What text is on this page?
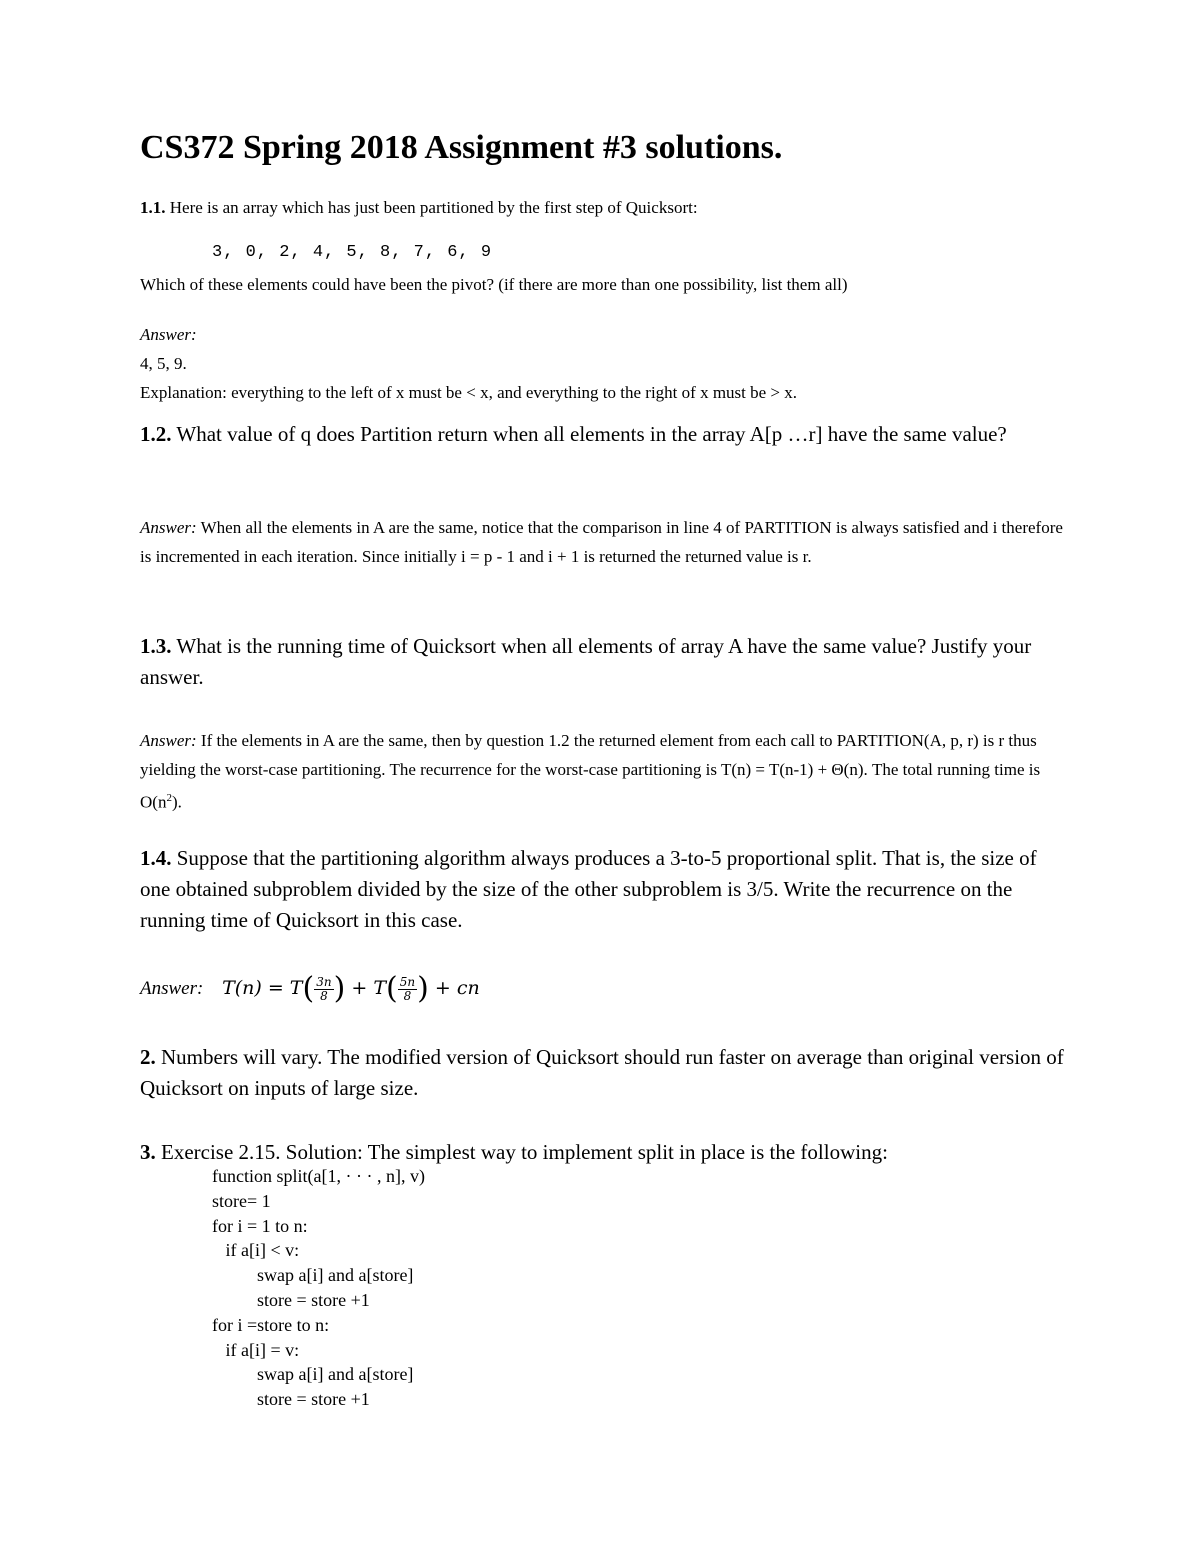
CS372 Spring 2018 Assignment #3 solutions.
1.1. Here is an array which has just been partitioned by the first step of Quicksort:
3, 0, 2, 4, 5, 8, 7, 6, 9
Which of these elements could have been the pivot? (if there are more than one possibility, list them all)
Answer:
4, 5, 9.
Explanation: everything to the left of x must be < x, and everything to the right of x must be > x.
1.2. What value of q does Partition return when all elements in the array A[p …r] have the same value?
Answer: When all the elements in A are the same, notice that the comparison in line 4 of PARTITION is always satisfied and i therefore is incremented in each iteration. Since initially i = p - 1 and i + 1 is returned the returned value is r.
1.3. What is the running time of Quicksort when all elements of array A have the same value? Justify your answer.
Answer: If the elements in A are the same, then by question 1.2 the returned element from each call to PARTITION(A, p, r) is r thus yielding the worst-case partitioning. The recurrence for the worst-case partitioning is T(n) = T(n-1) + Θ(n). The total running time is $O(n^2)$.
1.4. Suppose that the partitioning algorithm always produces a 3-to-5 proportional split. That is, the size of one obtained subproblem divided by the size of the other subproblem is 3/5. Write the recurrence on the running time of Quicksort in this case.
Answer: $T(n) = T( \frac{3n}{8}$ ) + $T( \frac{5n}{8}$ ) + cn
2. Numbers will vary. The modified version of Quicksort should run faster on average than original version of Quicksort on inputs of large size.
3. Exercise 2.15. Solution: The simplest way to implement split in place is the following:
function split(a[1, · · · , n], v)
store= 1
for i = 1 to n:
if a[i] < v:
swap a[i] and a[store]
store = store +1
for i =store to n:
if a[i] = v:
swap a[i] and a[store]
store = store +1
